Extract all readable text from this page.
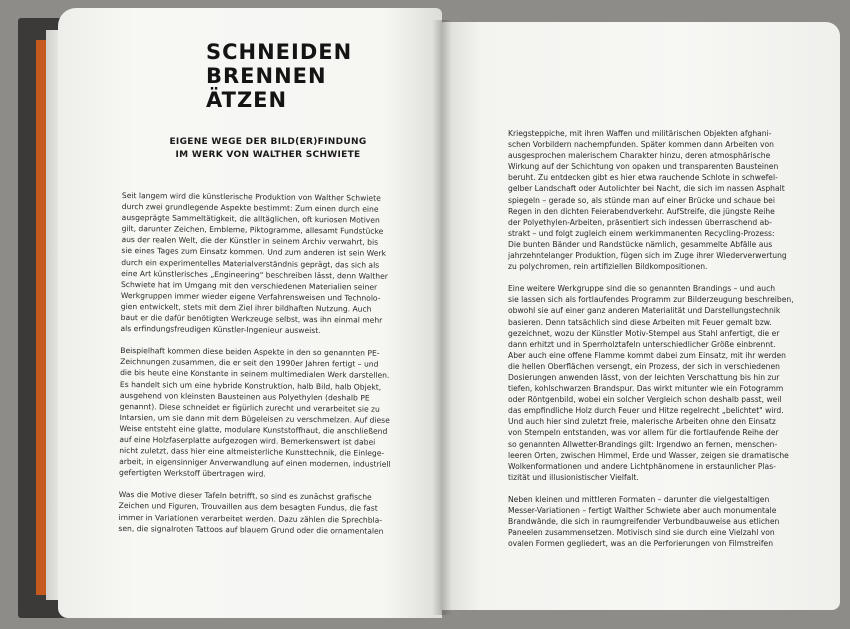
SCHNEIDEN
BRENNEN
ÄTZEN
EIGENE WEGE DER BILD(ER)FINDUNG
IM WERK VON WALTHER SCHWIETE

Seit langem wird die künstlerische Produktion von Walther Schwiete
durch zwei grundlegende Aspekte bestimmt: Zum einen durch eine
ausgeprägte Sammeltätigkeit, die alltäglichen, oft kuriosen Motiven
gilt, darunter Zeichen, Embleme, Piktogramme, allesamt Fundstücke
aus der realen Welt, die der Künstler in seinem Archiv verwahrt, bis
sie eines Tages zum Einsatz kommen. Und zum anderen ist sein Werk
durch ein experimentelles Materialverständnis geprägt, das sich als
eine Art künstlerisches „Engineering" beschreiben lässt, denn Walther
Schwiete hat im Umgang mit den verschiedenen Materialien seiner
Werkgruppen immer wieder eigene Verfahrensweisen und Technolo-
gien entwickelt, stets mit dem Ziel ihrer bildhaften Nutzung. Auch
baut er die dafür benötigten Werkzeuge selbst, was ihn einmal mehr
als erfindungsfreudigen Künstler-Ingenieur ausweist.

Beispielhaft kommen diese beiden Aspekte in den so genannten PE-
Zeichnungen zusammen, die er seit den 1990er Jahren fertigt – und
die bis heute eine Konstante in seinem multimedialen Werk darstellen.
Es handelt sich um eine hybride Konstruktion, halb Bild, halb Objekt,
ausgehend von kleinsten Bausteinen aus Polyethylen (deshalb PE
genannt). Diese schneidet er figürlich zurecht und verarbeitet sie zu
Intarsien, um sie dann mit dem Bügeleisen zu verschmelzen. Auf diese
Weise entsteht eine glatte, modulare Kunststoffhaut, die anschließend
auf eine Holzfaserplatte aufgezogen wird. Bemerkenswert ist dabei
nicht zuletzt, dass hier eine altmeisterliche Kunsttechnik, die Einlege-
arbeit, in eigensinniger Anverwandlung auf einen modernen, industriell
gefertigten Werkstoff übertragen wird.

Was die Motive dieser Tafeln betrifft, so sind es zunächst grafische
Zeichen und Figuren, Trouvaillen aus dem besagten Fundus, die fast
immer in Variationen verarbeitet werden. Dazu zählen die Sprechbla-
sen, die signalroten Tattoos auf blauem Grund oder die ornamentalen

Kriegsteppiche, mit ihren Waffen und militärischen Objekten afghani-
schen Vorbildern nachempfunden. Später kommen dann Arbeiten von
ausgesprochen malerischem Charakter hinzu, deren atmosphärische
Wirkung auf der Schichtung von opaken und transparenten Bausteinen
beruht. Zu entdecken gibt es hier etwa rauchende Schlote in schwefel-
gelber Landschaft oder Autolichter bei Nacht, die sich im nassen Asphalt
spiegeln – gerade so, als stünde man auf einer Brücke und schaue bei
Regen in den dichten Feierabendverkehr. AufStreife, die jüngste Reihe
der Polyethylen-Arbeiten, präsentiert sich indessen überraschend ab-
strakt – und folgt zugleich einem werkimmanenten Recycling-Prozess:
Die bunten Bänder und Randstücke nämlich, gesammelte Abfälle aus
jahrzehntelanger Produktion, fügen sich im Zuge ihrer Wiederverwertung
zu polychromen, rein artifiziellen Bildkompositionen.

Eine weitere Werkgruppe sind die so genannten Brandings – und auch
sie lassen sich als fortlaufendes Programm zur Bilderzeugung beschreiben,
obwohl sie auf einer ganz anderen Materialität und Darstellungstechnik
basieren. Denn tatsächlich sind diese Arbeiten mit Feuer gemalt bzw.
gezeichnet, wozu der Künstler Motiv-Stempel aus Stahl anfertigt, die er
dann erhitzt und in Sperrholztafeln unterschiedlicher Größe einbrennt.
Aber auch eine offene Flamme kommt dabei zum Einsatz, mit ihr werden
die hellen Oberflächen versengt, ein Prozess, der sich in verschiedenen
Dosierungen anwenden lässt, von der leichten Verschattung bis hin zur
tiefen, kohlschwarzen Brandspur. Das wirkt mitunter wie ein Fotogramm
oder Röntgenbild, wobei ein solcher Vergleich schon deshalb passt, weil
das empfindliche Holz durch Feuer und Hitze regelrecht „belichtet" wird.
Und auch hier sind zuletzt freie, malerische Arbeiten ohne den Einsatz
von Stempeln entstanden, was vor allem für die fortlaufende Reihe der
so genannten Allwetter-Brandings gilt: Irgendwo an fernen, menschen-
leeren Orten, zwischen Himmel, Erde und Wasser, zeigen sie dramatische
Wolkenformationen und andere Lichtphänomene in erstaunlicher Plas-
tizität und illusionistischer Vielfalt.

Neben kleinen und mittleren Formaten – darunter die vielgestaltigen
Messer-Variationen – fertigt Walther Schwiete aber auch monumentale
Brandwände, die sich in raumgreifender Verbundbauweise aus etlichen
Paneelen zusammensetzen. Motivisch sind sie durch eine Vielzahl von
ovalen Formen gegliedert, was an die Perforierungen von Filmstreifen
